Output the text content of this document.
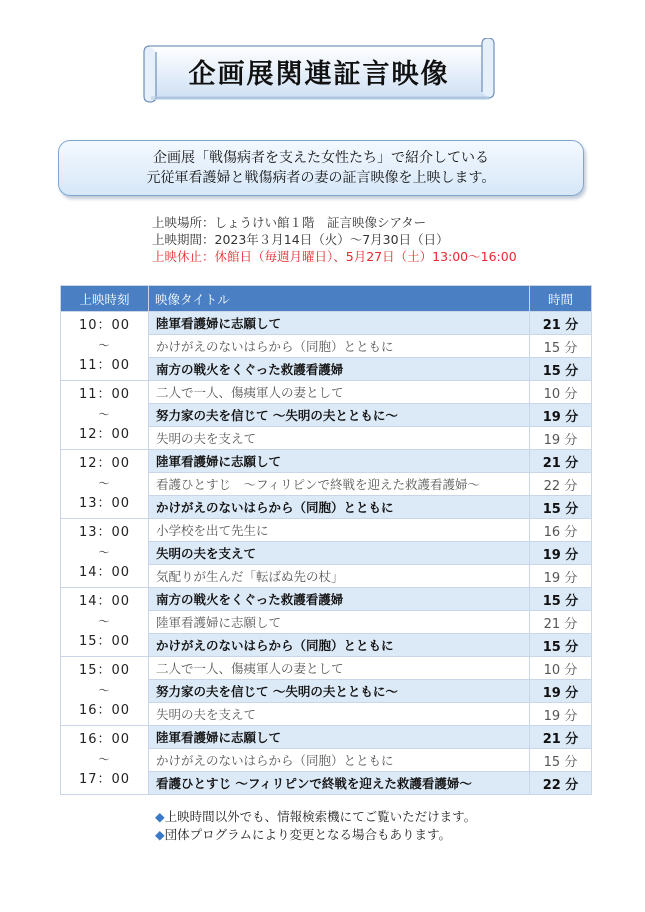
企画展関連証言映像
企画展「戦傷病者を支えた女性たち」で紹介している
元従軍看護婦と戦傷病者の妻の証言映像を上映します。
上映場所：しょうけい館１階　証言映像シアター
上映期間：2023年３月14日（火）〜7月30日（日）
上映休止：休館日（毎週月曜日）、5月27日（土）13:00〜16:00
上映時刻	映像タイトル	時間

10：00
〜
11：00	陸軍看護婦に志願して	21 分
	かけがえのないはらから（同胞）とともに	15 分
	南方の戦火をくぐった救護看護婦	15 分

11：00
〜
12：00	二人で一人、傷痍軍人の妻として	10 分
	努力家の夫を信じて 〜失明の夫とともに〜	19 分
	失明の夫を支えて	19 分

12：00
〜
13：00	陸軍看護婦に志願して	21 分
	看護ひとすじ　〜フィリピンで終戦を迎えた救護看護婦〜	22 分
	かけがえのないはらから（同胞）とともに	15 分

13：00
〜
14：00	小学校を出て先生に	16 分
	失明の夫を支えて	19 分
	気配りが生んだ「転ばぬ先の杖」	19 分

14：00
〜
15：00	南方の戦火をくぐった救護看護婦	15 分
	陸軍看護婦に志願して	21 分
	かけがえのないはらから（同胞）とともに	15 分

15：00
〜
16：00	二人で一人、傷痍軍人の妻として	10 分
	努力家の夫を信じて 〜失明の夫とともに〜	19 分
	失明の夫を支えて	19 分

16：00
〜
17：00	陸軍看護婦に志願して	21 分
	かけがえのないはらから（同胞）とともに	15 分
	看護ひとすじ 〜フィリピンで終戦を迎えた救護看護婦〜	22 分
◆上映時間以外でも、情報検索機にてご覧いただけます。
◆団体プログラムにより変更となる場合もあります。
